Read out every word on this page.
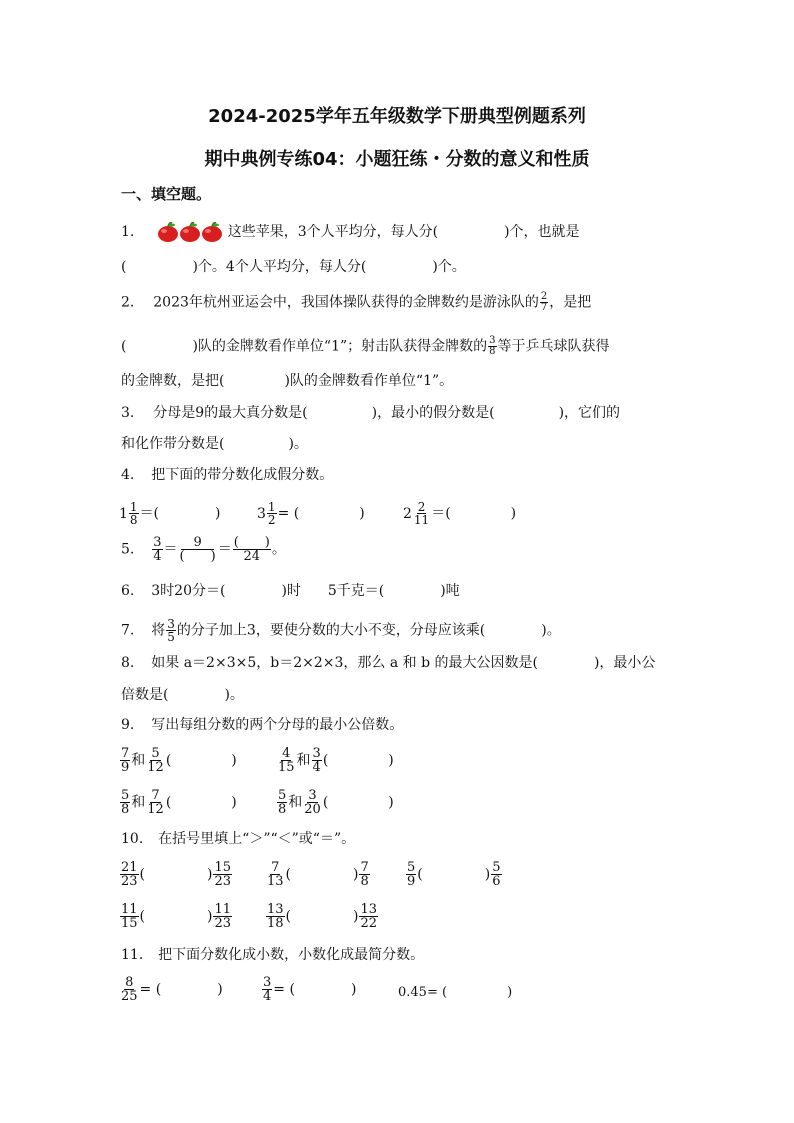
2024-2025学年五年级数学下册典型例题系列
期中典例专练04：小题狂练・分数的意义和性质
一、填空题。
1.	这些苹果，3个人平均分，每人分(	)个，也就是
(	)个。4个人平均分，每人分(	)个。
2. 2023年杭州亚运会中，我国体操队获得的金牌数约是游泳队的 $\frac{2}{7}$ ，是把
(	)队的金牌数看作单位“1”；射击队获得金牌数的 $\frac{3}{8}$ 等于乒乓球队获得
的金牌数，是把(	)队的金牌数看作单位“1”。
3. 分母是9的最大真分数是(	)，最小的假分数是(	)，它们的
和化作带分数是(	)。
4. 把下面的带分数化成假分数。
$1 \frac{1}{8}$ ＝(	)	$3 \frac{1}{2}$ = (	)	$2 \frac{2}{11}$ ＝(	)
5. $\frac{3}{4}$ ＝	9
(　　) ＝ (　　)
24 。
6. 3时20分＝(	)时 5千克＝(	)吨
7. 将 $\frac{3}{5}$ 的分子加上3，要使分数的大小不变，分母应该乘(	)。
8. 如果 a＝2×3×5，b＝2×2×3，那么 a 和 b 的最大公因数是(	)，最小公
倍数是(	)。
9. 写出每组分数的两个分母的最小公倍数。
$\frac{7}{9}$ 和 $\frac{5}{12}$ (	)	$\frac{4}{15}$ 和 $\frac{3}{4}$ (	)
$\frac{5}{8}$ 和 $\frac{7}{12}$ (	)	$\frac{5}{8}$ 和 $\frac{3}{20}$ (	)
10. 在括号里填上“＞”“＜”或“＝”。
$\frac{21}{23}$ (	) $\frac{15}{23}$	$\frac{7}{13}$ (	) $\frac{7}{8}$	$\frac{5}{9}$ (	) $\frac{5}{6}$
$\frac{11}{15}$ (	) $\frac{11}{23}$	$\frac{13}{18}$ (	) $\frac{13}{22}$
11. 把下面分数化成小数，小数化成最简分数。
$\frac{8}{25}$ = (	)	$\frac{3}{4}$ = (	)	0.45= (	)
